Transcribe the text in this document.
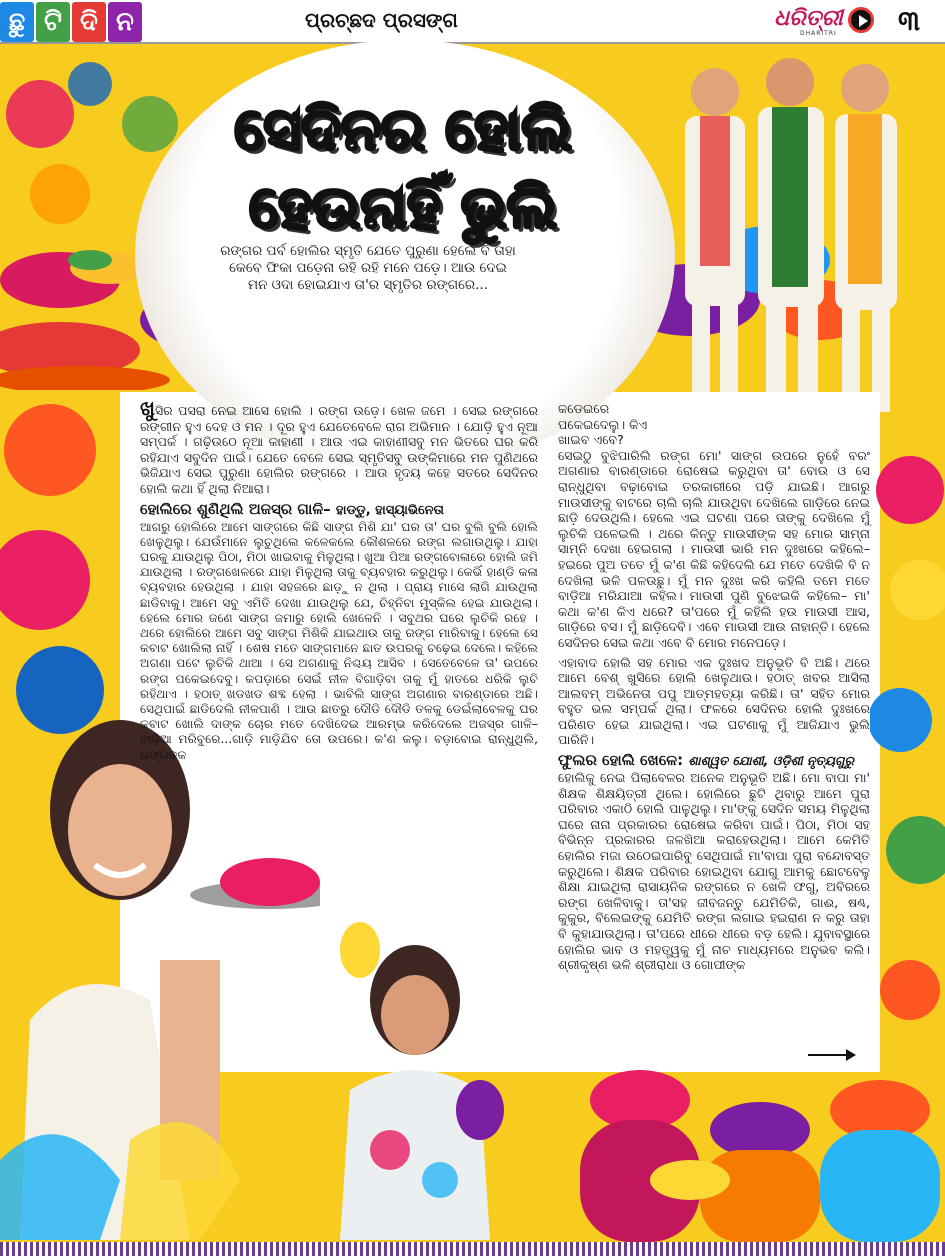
ଛୁ ଟି ଦି ନ	ପ୍ରଚ୍ଛଦ ପ୍ରସଙ୍ଗ	ଧରିତ୍ରୀ
DHARITRI ୩
ସେଦିନର ହୋଲି
ହେଉନାହିଁ ଭୁଲି
ରଙ୍ଗର ପର୍ବ ହୋଲିର ସ୍ମୃତି ଯେତେ ପୁରୁଣା ହେଲେ ବି ତାହା କେବେ ଫିକା ପଡ଼େନା ରହି ରହି ମନେ ପଡ଼େ। ଆଉ ଦେଇ ମନ ଓଦା ହୋଇଯାଏ ତା'ର ସ୍ମୃତିର ରଙ୍ଗରେ...

ଖୁସିର ପସରା ନେଇ ଆସେ ହୋଲି । ରଙ୍ଗ ଉଡ଼େ। ଖେଳ ଜମେ । ସେଇ ରଙ୍ଗରେ ରଙ୍ଗୀନ ହୁଏ ଦେହ ଓ ମନ । ଦୂର ହୁଏ ଯେତେବେଳେ ରାଗ ଅଭିମାନ । ଯୋଡ଼ି ହୁଏ ନୂଆ ସମ୍ପର୍କ । ଗଢ଼ିଉଠେ ନୂଆ କାହାଣୀ । ଆଉ ଏଇ କାହାଣୀସବୁ ମନ ଭିତରେ ଘର କରି ରହିଯାଏ ସବୁଦିନ ପାଇଁ। ଯେତେ ବେଳେ ସେଇ ସ୍ମୃତିସବୁ ଉଙ୍କିମାରେ ମନ ପୁଣିଥରେ ଭିଜିଯାଏ ସେଇ ପୁରୁଣା ହୋଲିର ରଙ୍ଗରେ । ଆଉ ହୃଦୟ କହେ ସତରେ ସେଦିନର ହୋଲି କଥା ହିଁ ଥିଲା ନିଆରା।

ହୋଲିରେ ଶୁଣିଥିଲି ଅଜସ୍ର ଗାଳି– ହାଡ୍ଡୁ, ହାସ୍ୟାଭିନେତା

ଆଗରୁ ହୋଲିରେ ଆମେ ସାଙ୍ଗରେ କିଛି ସାଙ୍ଗ ମିଶି ଯା' ଘର ତା' ଘର ବୁଲି ବୁଲି ହୋଲି ଖେଳୁଥିଲୁ। ଯେଉଁମାନେ ଲୁଚୁଥିଲେ କଳେକଲେ କୌଶଳରେ ରଙ୍ଗ ଲଗାଉଥିଲୁ। ଯାହା ଘରକୁ ଯାଉଥିଲୁ ପିଠା, ମିଠା ଖାଇବାକୁ ମିଳୁଥିଲା। ଖୁଆ ପିଆ ରଙ୍ଗବୋଳାରେ ହୋଲି ଜମି ଯାଉଥିଲା । ରଙ୍ଗଖେଳରେ ଯାହା ମିଳୁଥିଲା ତାକୁ ବ୍ୟବହାର କରୁଥିଲୁ। କେଭିଁ ହାଣ୍ଡି କଳା ବ୍ୟବହାର ହେଉଥିଲା । ଯାହା ସହଜରେ ଛାଡ଼ୁ ନ ଥିଲା । ପ୍ରାୟ ମାସେ ଲାଗି ଯାଉଥିଲା ଛାଡିବାକୁ। ଆମେ ସବୁ ଏମିତି ଦେଖା ଯାଉଥିଲୁ ଯେ, ଚିହ୍ନିବା ମୁସ୍କିଲ ହେଇ ଯାଉଥିଲା। ହେଲେ ମୋର ଜଣେ ସାଙ୍ଗ ଜମାରୁ ହୋଲି ଖେଳେନି । ସବୁଥର ଘରେ ଲୁଚିକି ରହେ । ଥରେ ହୋଲିରେ ଆମେ ସବୁ ସାଙ୍ଗ ମିଶିକି ଯାଇଥାଉ ତାକୁ ରଙ୍ଗ ମାରିବାକୁ। ହେଲେ ସେ କବାଟ ଖୋଲିଲା ନାହିଁ । ଶେଷ ମତେ ସାଙ୍ଗମାନେ ଛାତ ଉପରକୁ ଚଢ଼େଇ ଦେଲେ। କହିଲେ ଅଗଣା ପଟେ ଲୁଚିକି ଥାଆ । ସେ ଅଗଣାକୁ ନିଶ୍ଚୟ ଆସିବ । ସେତେବେଳେ ତା' ଉପରେ ରଙ୍ଗ ପକେଇଦେବୁ। କପଡ଼ାରେ ସେଇଁ ନୀଳ ବିଗାଡ଼ିବା ତାକୁ ମୁଁ ହାତରେ ଧରିକି ଲୁଚି ରହିଥାଏ । ହଠାତ୍ ଖଡଖଡ ଶବ୍ଦ ହେଲା । ଭାବିଲି ସାଙ୍ଗ ଅଗଣାର ବାରଣ୍ଡାରେ ଅଛି। ସେଥିପାଇଁ ଛାଡିଦେଲି ନୀଳପାଣି । ଆଉ ଛାତରୁ ଦୌଡି ଦୌଡି ତଳକୁ ଡେଇଁଲାବେଳକୁ ଘର କବାଟ ଖୋଲି ଦାଙ୍କ ଚୋର ମତେ ଦେଖିଦେଇ ଆରମ୍ଭ କରିଦେଲେ ଅଜସ୍ର ଗାଳି– ବାଡ଼ିଆ ମରିବୁରେ...ଗାଡ଼ି ମାଡ଼ିଯିବ ତୋ ଉପରେ। କ'ଣ କଲୁ। ବଡ଼ାବୋଇ ରାନ୍ଧୁଥିଲି, ରଙ୍ଗତକ

କଡେଇରେ ପକେଇଦେଲୁ। କିଏ ଖାଇବ ଏବେ?

ସେଇଠୁ ବୁଝିପାରିଲି ରଙ୍ଗ ମୋ' ସାଙ୍ଗ ଉପରେ ନୁହେଁ ବରଂ ଅଗଣାର ବାରଣ୍ଡାରେ ରୋଷେଇ କରୁଥିବା ତା' ବୋଉ ଓ ସେ ରାନ୍ଧୁଥିବା ବଢ଼ାବୋଇ ତରକାରୀରେ ପଡ଼ି ଯାଇଛି। ଆଗରୁ ମାଉସୀଙ୍କୁ ବାଟରେ ଚାଲି ଚାଲି ଯାଉଥିବା ଦେଖିଲେ ଗାଡ଼ିରେ ନେଇ ଛାଡ଼ି ଦେଉଥିଲି। ହେଲେ ଏଇ ଘଟଣା ପରେ ତାଙ୍କୁ ଦେଖିଲେ ମୁଁ ଲୁଚିକି ପଳେଇଲି । ଥରେ କିନ୍ତୁ ମାଉସୀଙ୍କ ସହ ମୋର ସାମ୍‌ନା ସାମ୍‌ନି ଦେଖା ହେଇଗଲା । ମାଉସୀ ଭାରି ମନ ଦୁଃଖରେ କହିଲେ–ହଇରେ ପୁଅ ତତେ ମୁଁ କ'ଣ କିଛି କହିଦେଲି ଯେ ମତେ ଦେଖିକି ବି ନ ଦେଖିଲା ଭଳି ପଳଉଛୁ। ମୁଁ ମନ ଦୁଃଖ କରି କହିଲି ତମେ ମତେ ବାଡ଼ିଆ ମରିଯାଆ କହିଲ। ମାଉସୀ ପୁଣି ବୁଝେଇକି କହିଲେ– ମା' କଥା କ'ଣ କିଏ ଧରେ? ତା'ପରେ ମୁଁ କହିଲି ହଉ ମାଉସୀ ଆସ, ଗାଡ଼ିରେ ବସ। ମୁଁ ଛାଡ଼ିଦେବି। ଏବେ ମାଉସୀ ଆଉ ନାହାନ୍ତି। ହେଲେ ସେଦିନର ସେଇ କଥା ଏବେ ବି ମୋର ମନେପଡ଼େ।

ଏହାବାଦ ହୋଲି ସହ ମୋର ଏକ ଦୁଃଖଦ ଅନୁଭୂତି ବି ଅଛି। ଥରେ ଆମେ ବେଶ୍ ଖୁସିରେ ହୋଲି ଖେଳୁଥାଉ। ହଠାତ୍ ଖବର ଆସିଲା ଆଲବମ୍ ଅଭିନେତା ପପୁ ଆତ୍ମହତ୍ୟା କରିଛି। ତା' ସହିତ ମୋର ବହୁତ ଭଲ ସମ୍ପର୍କ ଥିଲା। ଫଳରେ ସେଦିନର ହୋଲି ଦୁଃଖରେ ପରିଣତ ହେଇ ଯାଇଥିଲା। ଏଇ ଘଟଣାକୁ ମୁଁ ଆଜିଯାଏ ଭୁଲି ପାରିନି।

ଫୁଲର ହୋଲି ଖେଳେ: ଶାଶ୍ୱତ ଯୋଶୀ, ଓଡ଼ିଶୀ ନୃତ୍ୟଗୁରୁ

ହୋଲିକୁ ନେଇ ପିଲାବେଳର ଅନେକ ଅନୁଭୂତି ଅଛି। ମୋ ବାପା ମା' ଶିକ୍ଷକ ଶିକ୍ଷୟିତ୍ରୀ ଥିଲେ। ହୋଲିରେ ଛୁଟି ଥିବାରୁ ଆମେ ପୁରା ପରିବାର ଏକାଠି ହୋଲି ପାଳୁଥିଲୁ। ମା'ଙ୍କୁ ସେଦିନ ସମୟ ମିଳୁଥିଲା ଘରେ ନାନା ପ୍ରକାରର ରୋଷେଇ କରିବା ପାଇଁ। ପିଠା, ମିଠା ସହ ବିଭିନ୍ନ ପ୍ରକାରର ଜଳଖିଆ କରାହେଉଥିଲା। ଆମେ କେମିତି ହୋଲିର ମଜା ଉଠେଇପାରିବୁ ସେଥିପାଇଁ ମା'ବାପା ପୁରା ବନ୍ଦୋବସ୍ତ କରୁଥିଲେ। ଶିକ୍ଷକ ପରିବାର ହୋଇଥିବା ଯୋଗୁ ଆମକୁ ଛୋଟବେଳୁ ଶିକ୍ଷା ଯାଇଥିଲା ରାସାୟନିକ ରଙ୍ଗରେ ନ ଖେଳି ଫଗୁ, ଅବିରରେ ରଙ୍ଗ ଖେଳିବାକୁ। ତା'ସହ ଜୀବଜନ୍ତୁ ଯେମିତିକି, ଗାଈ, ଷଣ୍ଢ, କୁକୁର, ବିଲେଇଙ୍କୁ ଯେମିତି ରଙ୍ଗ ଲଗାଇ ହଇରାଣ ନ କରୁ ତାହା ବି କୁହାଯାଉଥିଲା। ତା'ପରେ ଧୀରେ ଧୀରେ ବଡ଼ ହେଲି। ଯୁବାବସ୍ଥାରେ ହୋଲିର ଭାବ ଓ ମହତ୍ତ୍ୱକୁ ମୁଁ ନାଚ ମାଧ୍ୟମରେ ଅନୁଭବ କଲି। ଶ୍ରୀକୃଷ୍ଣ ଭଳି ଶ୍ରୀରାଧା ଓ ଗୋପୀଙ୍କ
